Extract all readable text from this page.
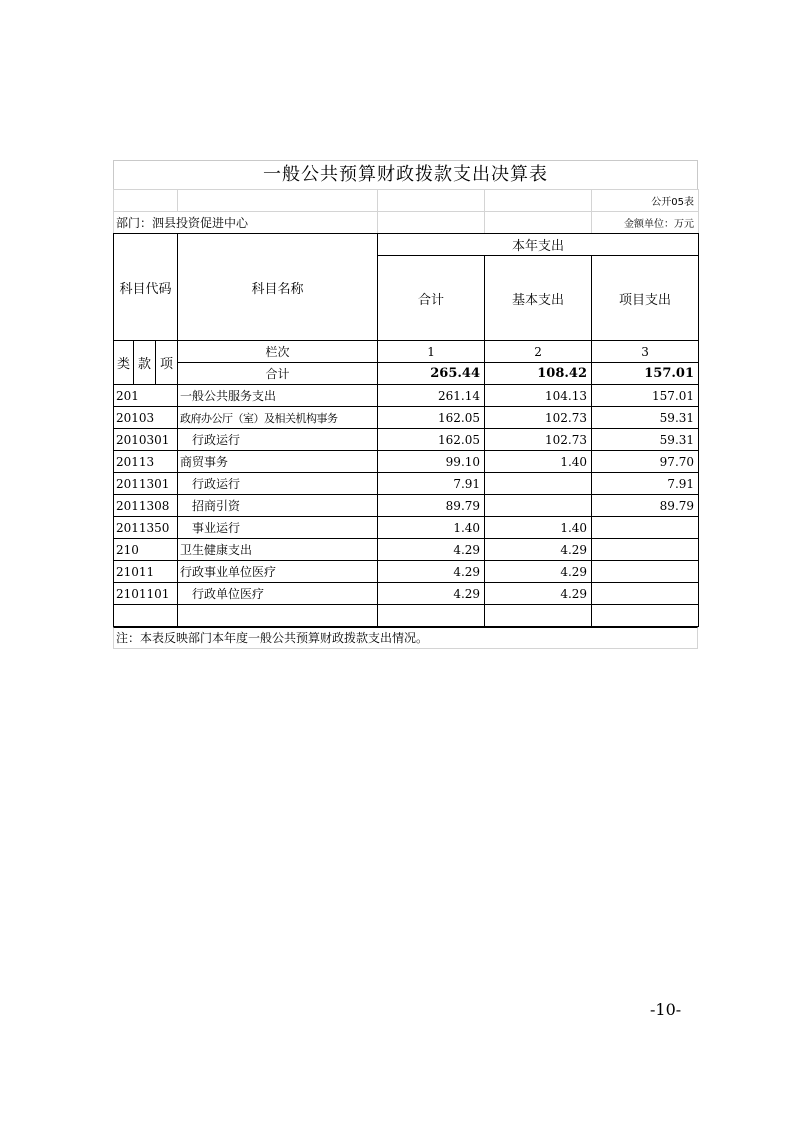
一般公共预算财政拨款支出决算表
						公开05表
部门：泗县投资促进中心						金额单位：万元
科目代码			科目名称	本年支出		
				合计	基本支出	项目支出

类	款	项	栏次	1	2	3
			合计	265.44	108.42	157.01
201			一般公共服务支出	261.14	104.13	157.01
20103			政府办公厅（室）及相关机构事务	162.05	102.73	59.31
2010301			行政运行	162.05	102.73	59.31
20113			商贸事务	99.10	1.40	97.70
2011301			行政运行	7.91		7.91
2011308			招商引资	89.79		89.79
2011350			事业运行	1.40	1.40	
210			卫生健康支出	4.29	4.29	
21011			行政事业单位医疗	4.29	4.29	
2101101			行政单位医疗	4.29	4.29	

注：本表反映部门本年度一般公共预算财政拨款支出情况。
-10-
